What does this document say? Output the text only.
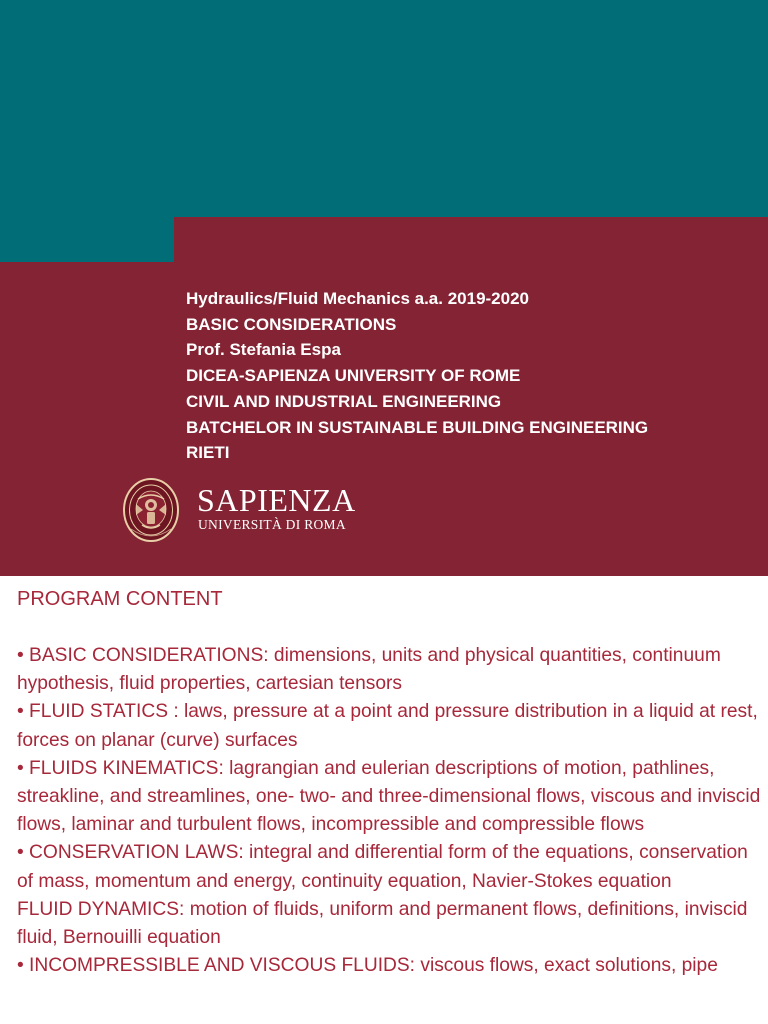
Hydraulics/Fluid Mechanics a.a. 2019-2020
BASIC CONSIDERATIONS
Prof. Stefania Espa
DICEA-SAPIENZA UNIVERSITY OF ROME
CIVIL AND INDUSTRIAL ENGINEERING
BATCHELOR IN SUSTAINABLE BUILDING ENGINEERING
RIETI
SAPIENZA
UNIVERSITÀ DI ROMA
PROGRAM CONTENT
• BASIC CONSIDERATIONS: dimensions, units and physical quantities, continuum hypothesis, fluid properties, cartesian tensors
• FLUID STATICS : laws, pressure at a point and pressure distribution in a liquid at rest, forces on planar (curve) surfaces
• FLUIDS KINEMATICS: lagrangian and eulerian descriptions of motion, pathlines, streakline, and streamlines, one- two- and three-dimensional flows, viscous and inviscid flows, laminar and turbulent flows, incompressible and compressible flows
• CONSERVATION LAWS: integral and differential form of the equations, conservation of mass, momentum and energy, continuity equation, Navier-Stokes equation
FLUID DYNAMICS: motion of fluids, uniform and permanent flows, definitions, inviscid fluid, Bernouilli equation
• INCOMPRESSIBLE AND VISCOUS FLUIDS: viscous flows, exact solutions, pipe
